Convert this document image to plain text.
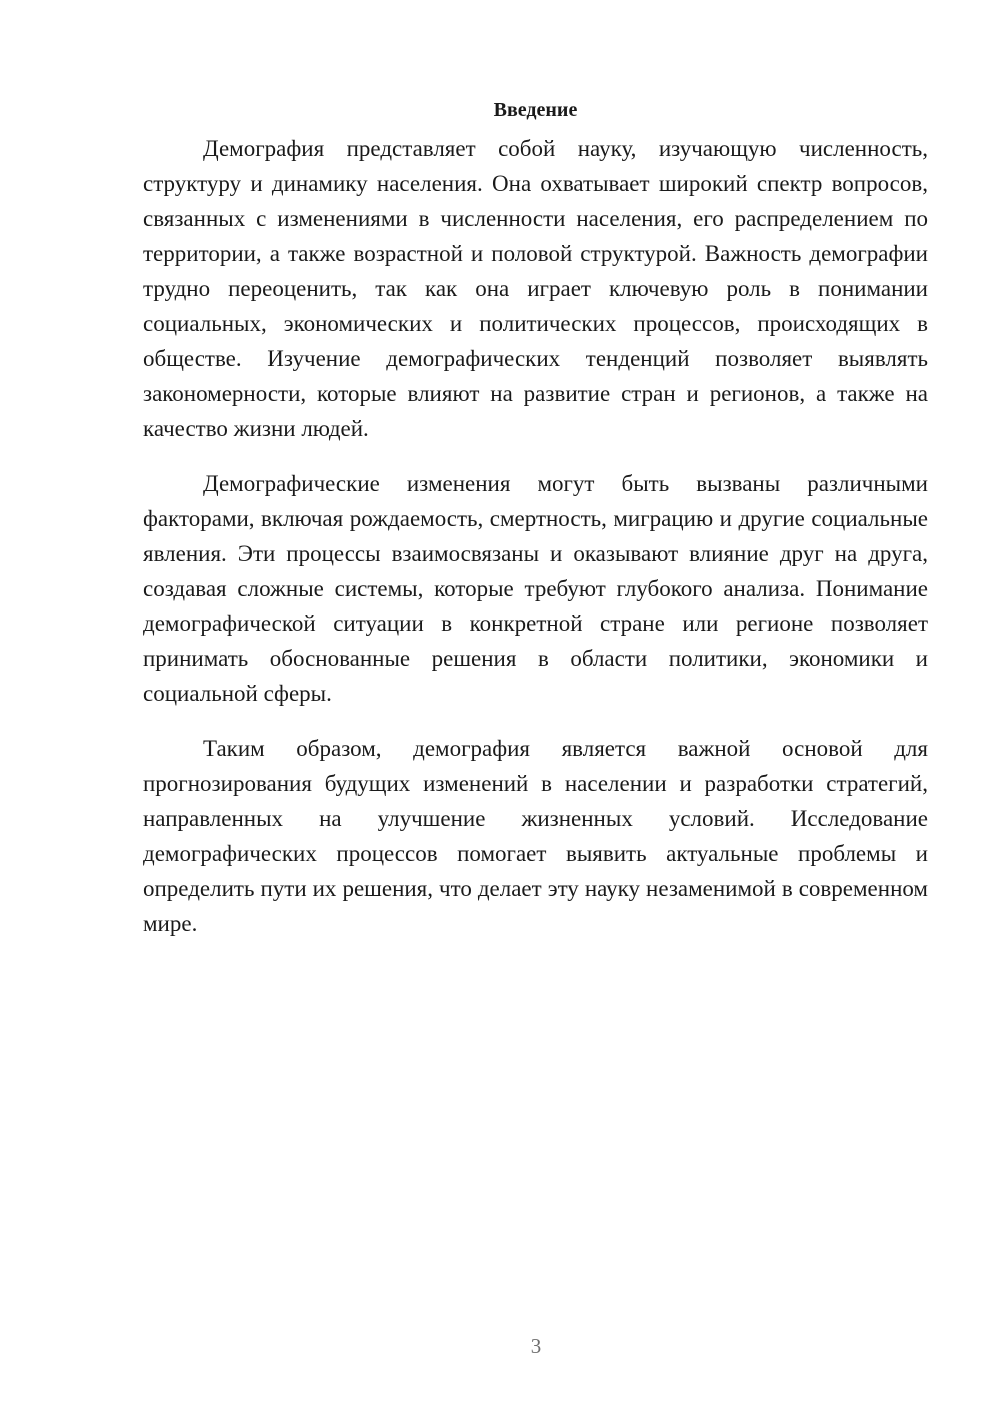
Введение

Демография представляет собой науку, изучающую численность, структуру и динамику населения. Она охватывает широкий спектр вопросов, связанных с изменениями в численности населения, его распределением по территории, а также возрастной и половой структурой. Важность демографии трудно переоценить, так как она играет ключевую роль в понимании социальных, экономических и политических процессов, происходящих в обществе. Изучение демографических тенденций позволяет выявлять закономерности, которые влияют на развитие стран и регионов, а также на качество жизни людей.

Демографические изменения могут быть вызваны различными факторами, включая рождаемость, смертность, миграцию и другие социальные явления. Эти процессы взаимосвязаны и оказывают влияние друг на друга, создавая сложные системы, которые требуют глубокого анализа. Понимание демографической ситуации в конкретной стране или регионе позволяет принимать обоснованные решения в области политики, экономики и социальной сферы.

Таким образом, демография является важной основой для прогнозирования будущих изменений в населении и разработки стратегий, направленных на улучшение жизненных условий. Исследование демографических процессов помогает выявить актуальные проблемы и определить пути их решения, что делает эту науку незаменимой в современном мире.

3
